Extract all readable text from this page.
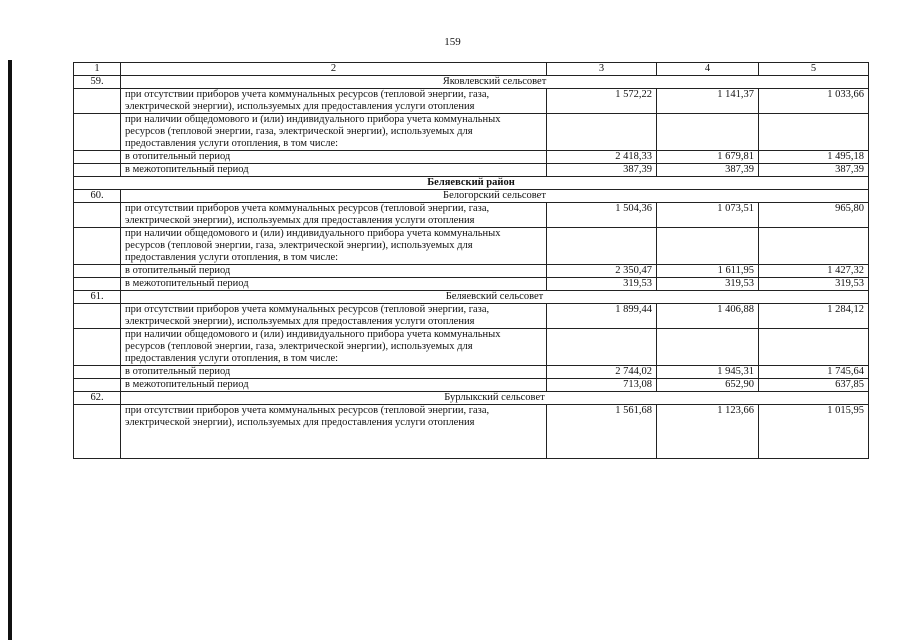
159
1	2	3	4	5
59.	Яковлевский сельсовет			
	при отсутствии приборов учета коммунальных ресурсов (тепловой энергии, газа, электрической энергии), используемых для предоставления услуги отопления	1 572,22	1 141,37	1 033,66
	при наличии общедомового и (или) индивидуального прибора учета коммунальных ресурсов (тепловой энергии, газа, электрической энергии), используемых для предоставления услуги отопления, в том числе:			
	в отопительный период	2 418,33	1 679,81	1 495,18
	в межотопительный период	387,39	387,39	387,39
Беляевский район				
60.	Белогорский сельсовет			
	при отсутствии приборов учета коммунальных ресурсов (тепловой энергии, газа, электрической энергии), используемых для предоставления услуги отопления	1 504,36	1 073,51	965,80
	при наличии общедомового и (или) индивидуального прибора учета коммунальных ресурсов (тепловой энергии, газа, электрической энергии), используемых для предоставления услуги отопления, в том числе:			
	в отопительный период	2 350,47	1 611,95	1 427,32
	в межотопительный период	319,53	319,53	319,53
61.	Беляевский сельсовет			
	при отсутствии приборов учета коммунальных ресурсов (тепловой энергии, газа, электрической энергии), используемых для предоставления услуги отопления	1 899,44	1 406,88	1 284,12
	при наличии общедомового и (или) индивидуального прибора учета коммунальных ресурсов (тепловой энергии, газа, электрической энергии), используемых для предоставления услуги отопления, в том числе:			
	в отопительный период	2 744,02	1 945,31	1 745,64
	в межотопительный период	713,08	652,90	637,85
62.	Бурлыкский сельсовет			
	при отсутствии приборов учета коммунальных ресурсов (тепловой энергии, газа, электрической энергии), используемых для предоставления услуги отопления	1 561,68	1 123,66	1 015,95
